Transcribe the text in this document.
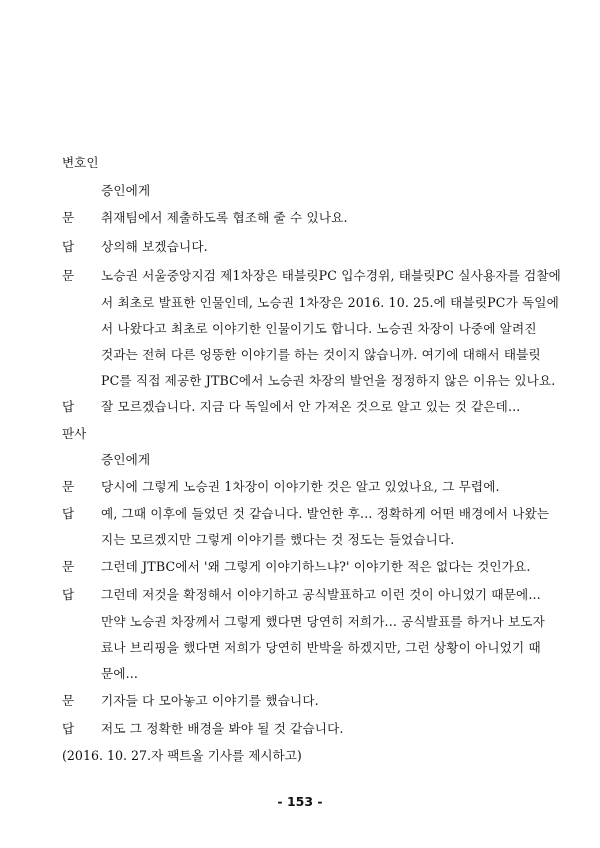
변호인
증인에게
문 취재팀에서 제출하도록 협조해 줄 수 있나요.
답 상의해 보겠습니다.
문 노승권 서울중앙지검 제1차장은 태블릿PC 입수경위, 태블릿PC 실사용자를 검찰에
서 최초로 발표한 인물인데, 노승권 1차장은 2016. 10. 25.에 태블릿PC가 독일에
서 나왔다고 최초로 이야기한 인물이기도 합니다. 노승권 차장이 나중에 알려진
것과는 전혀 다른 엉뚱한 이야기를 하는 것이지 않습니까. 여기에 대해서 태블릿
PC를 직접 제공한 JTBC에서 노승권 차장의 발언을 정정하지 않은 이유는 있나요.
답 잘 모르겠습니다. 지금 다 독일에서 안 가져온 것으로 알고 있는 것 같은데...
판사
증인에게
문 당시에 그렇게 노승권 1차장이 이야기한 것은 알고 있었나요, 그 무렵에.
답 예, 그때 이후에 들었던 것 같습니다. 발언한 후... 정확하게 어떤 배경에서 나왔는
지는 모르겠지만 그렇게 이야기를 했다는 것 정도는 들었습니다.
문 그런데 JTBC에서 '왜 그렇게 이야기하느냐?' 이야기한 적은 없다는 것인가요.
답 그런데 저것을 확정해서 이야기하고 공식발표하고 이런 것이 아니었기 때문에...
만약 노승권 차장께서 그렇게 했다면 당연히 저희가... 공식발표를 하거나 보도자
료나 브리핑을 했다면 저희가 당연히 반박을 하겠지만, 그런 상황이 아니었기 때
문에...
문 기자들 다 모아놓고 이야기를 했습니다.
답 저도 그 정확한 배경을 봐야 될 것 같습니다.
(2016. 10. 27.자 팩트올 기사를 제시하고)
- 153 -
